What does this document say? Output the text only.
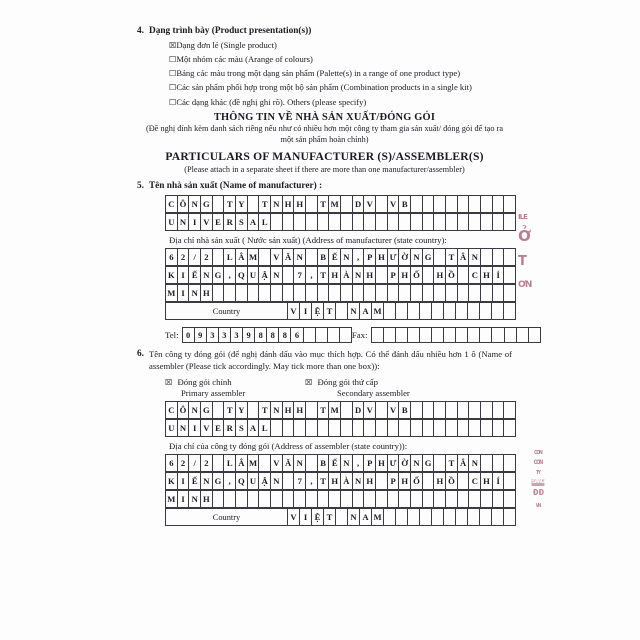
4. Dạng trình bày (Product presentation(s))
☒Dạng đơn lẻ (Single product)
☐Một nhóm các màu (Arange of colours)
☐Bảng các màu trong một dạng sản phẩm (Palette(s) in a range of one product type)
☐Các sản phẩm phối hợp trong một bộ sản phẩm (Combination products in a single kit)
☐Các dạng khác (đề nghị ghi rõ). Others (please specify)
THÔNG TIN VỀ NHÀ SẢN XUẤT/ĐÓNG GÓI
(Đề nghị đính kèm danh sách riêng nếu như có nhiều hơn một công ty tham gia sản xuất/ đóng gói để tạo ra một sản phẩm hoàn chỉnh)
PARTICULARS OF MANUFACTURER (S)/ASSEMBLER(S)
(Please attach in a separate sheet if there are more than one manufacturer/assembler)
5. Tên nhà sản xuất (Name of manufacturer) :
C Ô N G	T Y	T N H H	T M D V	V B
U N I V E R S A L
Địa chỉ nhà sản xuất ( Nước sản xuất) (Address of manufacturer (state country):
6 2 / 2	L Â M V Ă N	B Ế N , P H Ư Ờ N G	T Â N
K I Ế N G , Q U Ậ N	7 , T H À N H	P H Ố	H Ồ	C H Í
M I N H
Country	V I Ệ T	N A M
Tel: 0 9 3 3 3 9 8 8 8 6	Fax:
6. Tên công ty đóng gói (để nghị đánh dấu vào mục thích hợp. Có thể đánh dấu nhiều hơn 1 ô (Name of assembler (Please tick accordingly. May tick more than one box)):
☒ Đóng gói chính	☒ Đóng gói thứ cấp
Primary assembler	Secondary assembler
C Ô N G	T Y	T N H H	T M D V	V B
U N I V E R S A L
Địa chỉ của công ty đóng gói (Address of assembler (state country)):
6 2 / 2	L Â M V Ă N	B Ế N , P H Ư Ờ N G	T Â N
K I Ế N G , Q U Ậ N	7 , T H À N H	P H Ố	H Ồ	C H Í
M I N H
Country	V I Ệ T	N A M
ILE
Ở
T
ƠN
CÔN
CÔN
TY
ĐĂNG
Đ Đ
VN
